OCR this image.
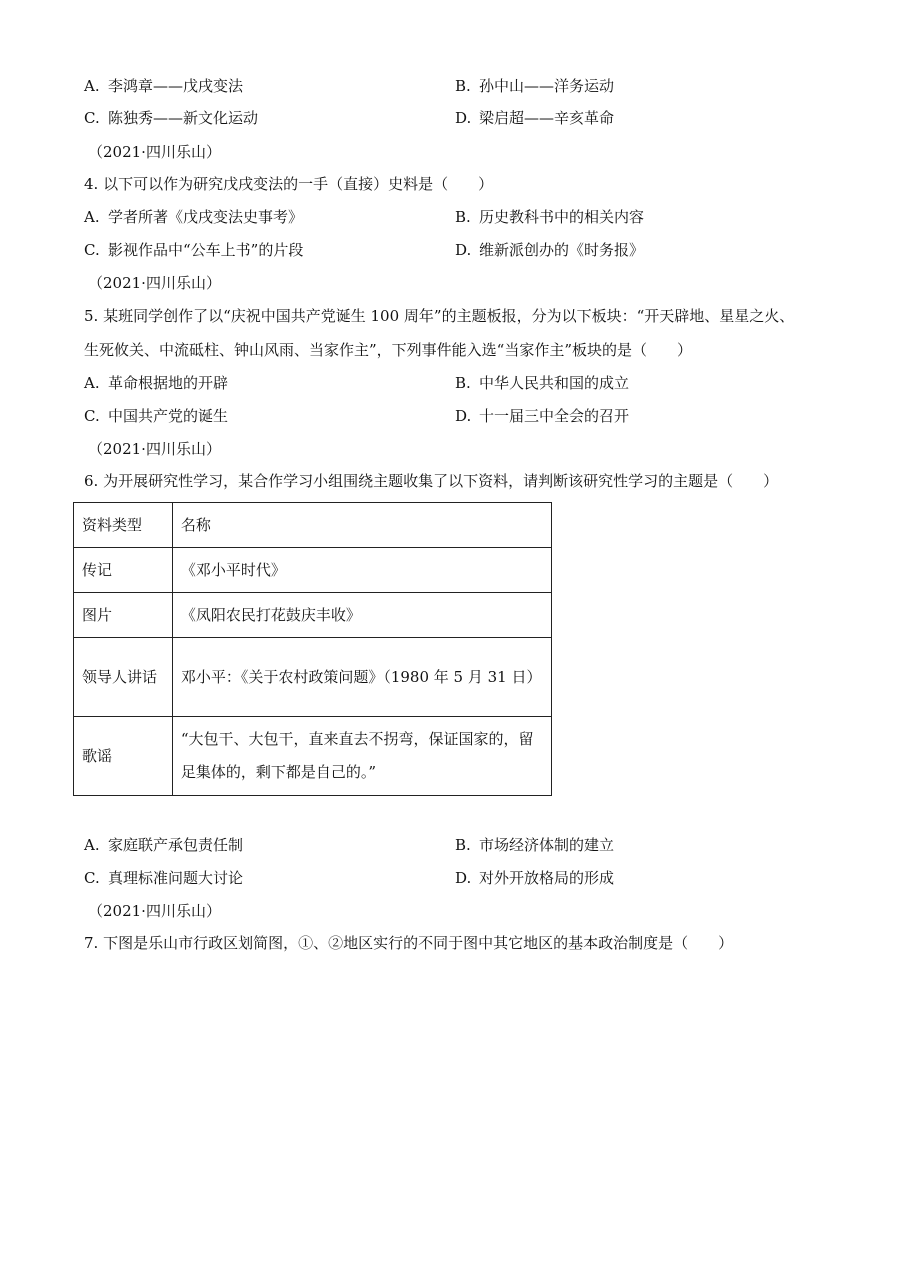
A. 李鸿章——戊戌变法	B. 孙中山——洋务运动
C. 陈独秀——新文化运动	D. 梁启超——辛亥革命
（2021·四川乐山）
4. 以下可以作为研究戊戌变法的一手（直接）史料是（　　）
A. 学者所著《戊戌变法史事考》	B. 历史教科书中的相关内容
C. 影视作品中“公车上书”的片段	D. 维新派创办的《时务报》
（2021·四川乐山）
5. 某班同学创作了以“庆祝中国共产党诞生 100 周年”的主题板报，分为以下板块：“开天辟地、星星之火、
生死攸关、中流砥柱、钟山风雨、当家作主”，下列事件能入选“当家作主”板块的是（　　）
A. 革命根据地的开辟	B. 中华人民共和国的成立
C. 中国共产党的诞生	D. 十一届三中全会的召开
（2021·四川乐山）
6. 为开展研究性学习，某合作学习小组围绕主题收集了以下资料，请判断该研究性学习的主题是（　　）
资料类型	名称
传记	《邓小平时代》
图片	《凤阳农民打花鼓庆丰收》
领导人讲话	邓小平：《关于农村政策问题》（1980 年 5 月 31 日）
歌谣	“大包干、大包干，直来直去不拐弯，保证国家的，留足集体的，剩下都是自己的。”
A. 家庭联产承包责任制	B. 市场经济体制的建立
C. 真理标准问题大讨论	D. 对外开放格局的形成
（2021·四川乐山）
7. 下图是乐山市行政区划简图，①、②地区实行的不同于图中其它地区的基本政治制度是（　　）
